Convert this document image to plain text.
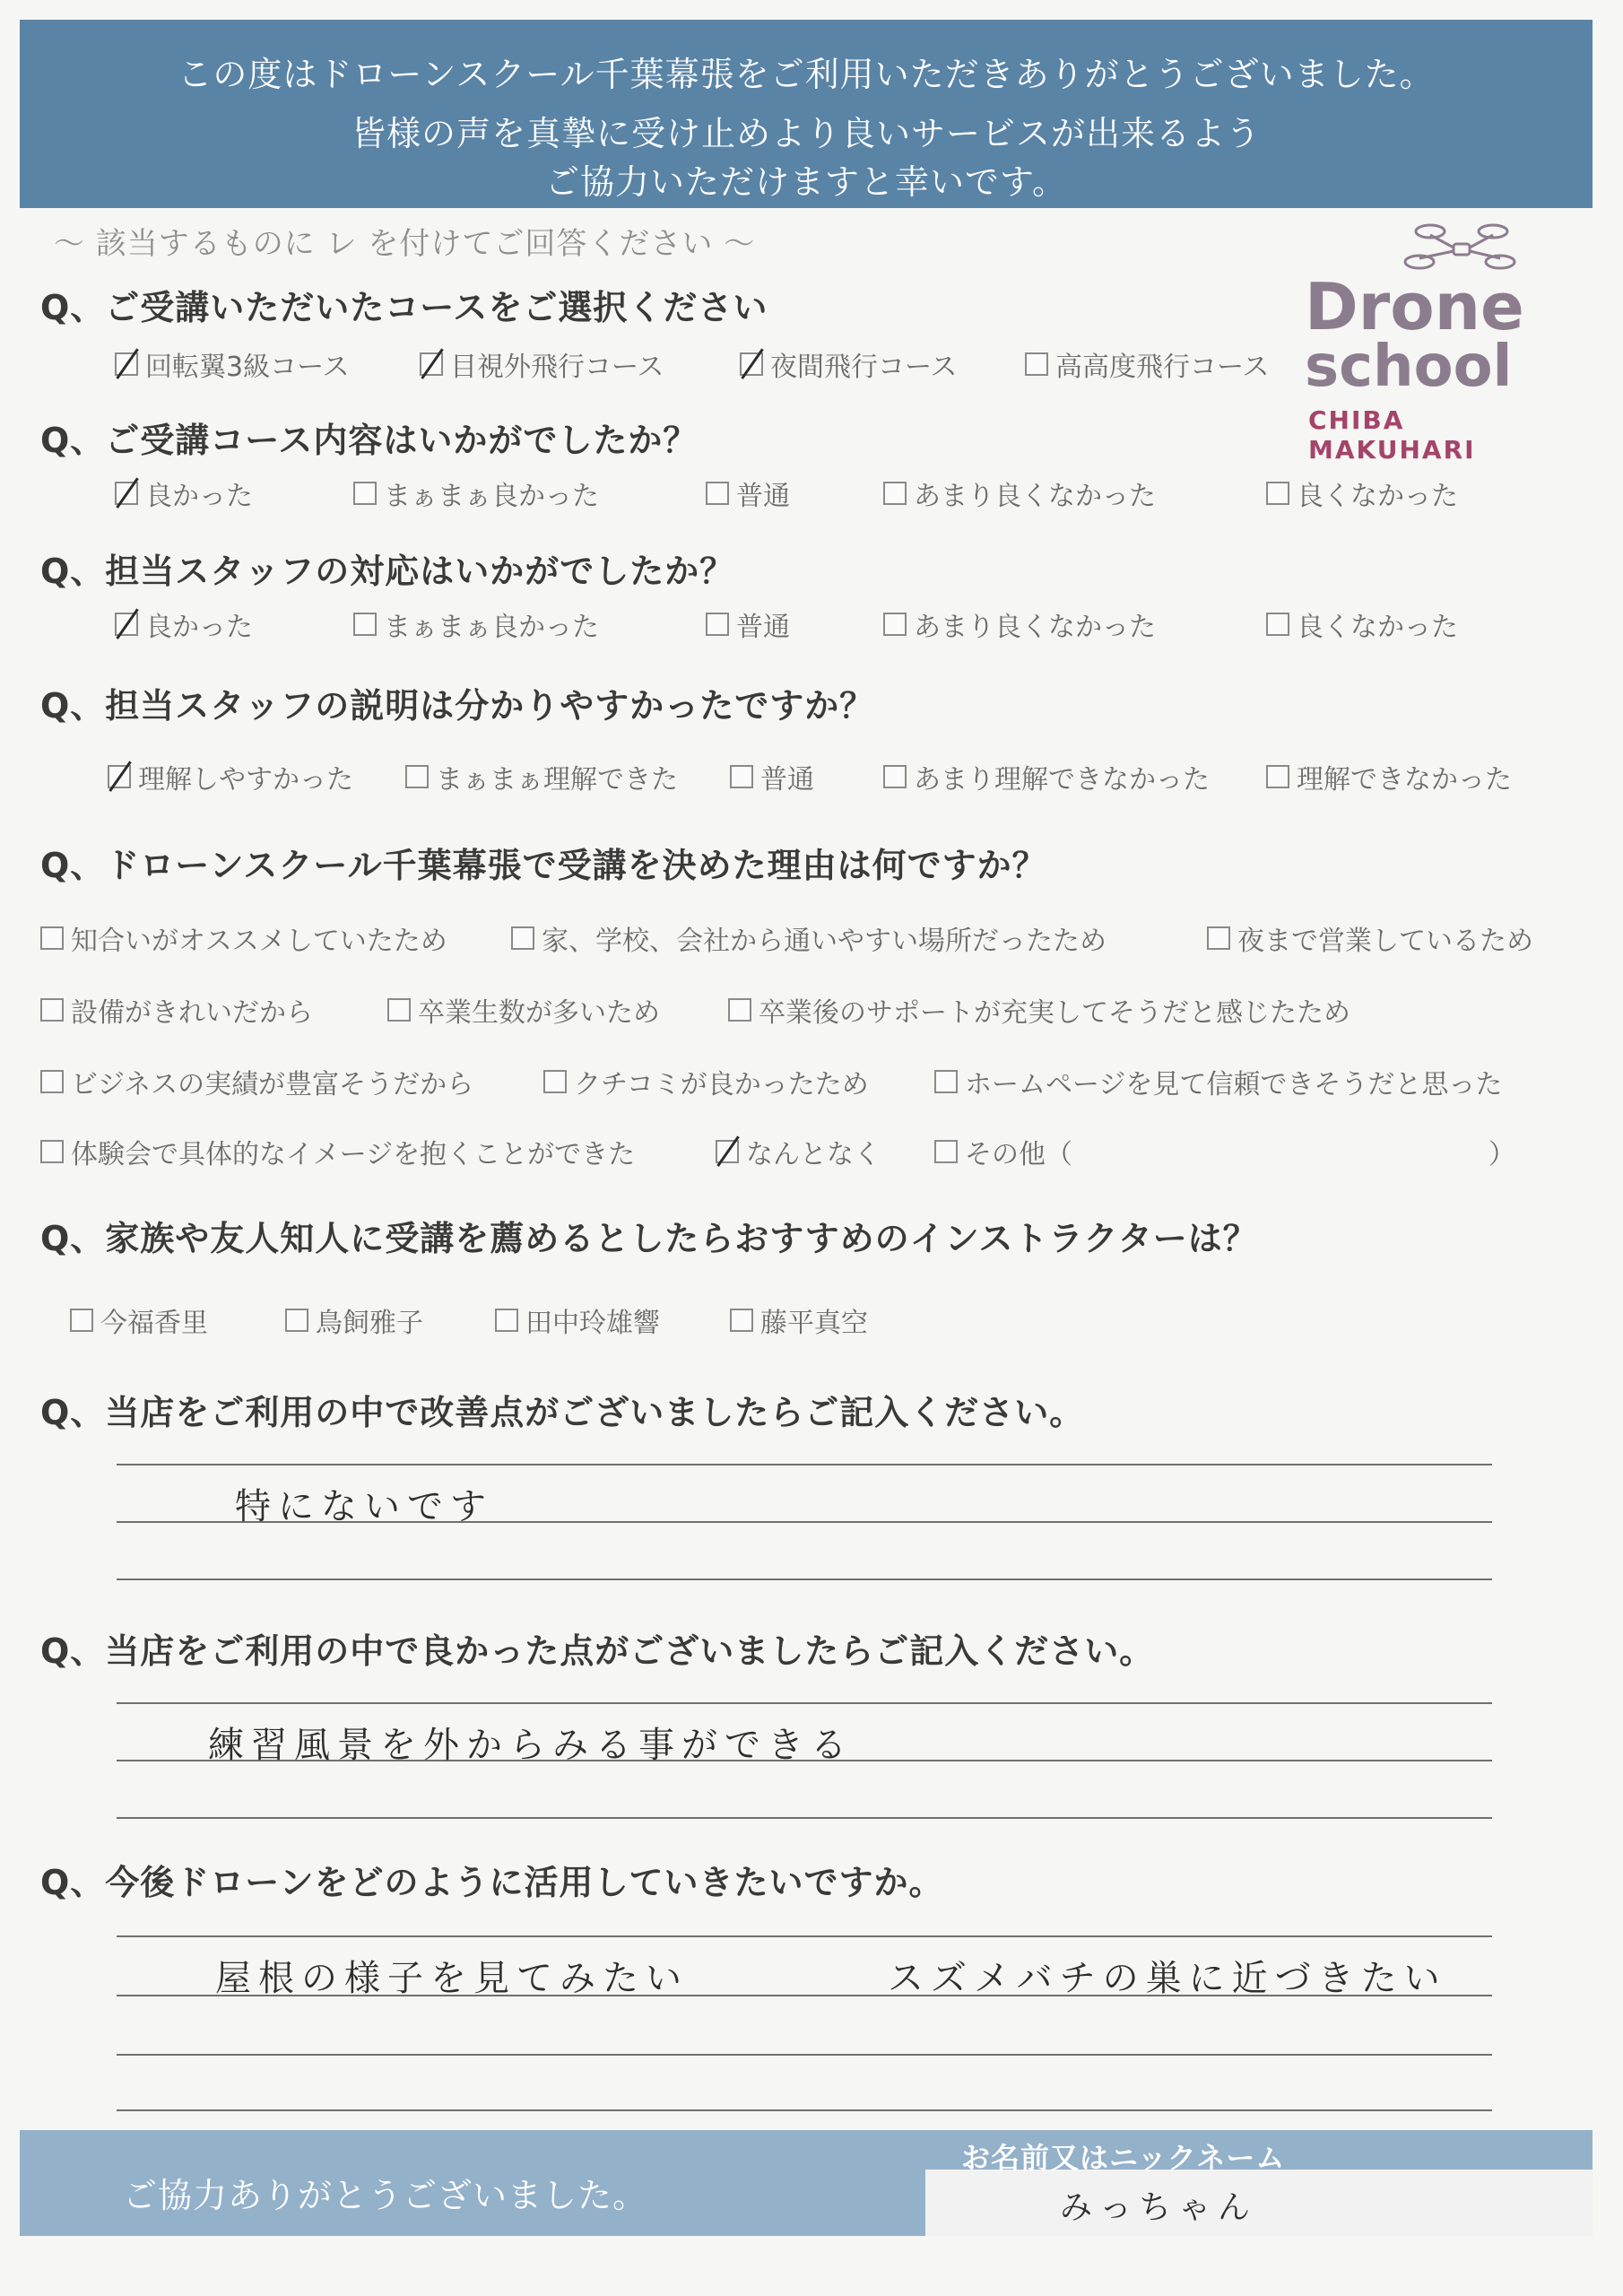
この度はドローンスクール千葉幕張をご利用いただきありがとうございました。
皆様の声を真摯に受け止めより良いサービスが出来るよう
ご協力いただけますと幸いです。
～ 該当するものに レ を付けてご回答ください ～
Drone
school
CHIBA MAKUHARI
Q、ご受講いただいたコースをご選択ください
回転翼3級コース	目視外飛行コース	夜間飛行コース	高高度飛行コース
Q、ご受講コース内容はいかがでしたか？
良かった	まぁまぁ良かった	普通	あまり良くなかった	良くなかった
Q、担当スタッフの対応はいかがでしたか？
良かった	まぁまぁ良かった	普通	あまり良くなかった	良くなかった
Q、担当スタッフの説明は分かりやすかったですか？
理解しやすかった	まぁまぁ理解できた	普通	あまり理解できなかった	理解できなかった
Q、ドローンスクール千葉幕張で受講を決めた理由は何ですか？
知合いがオススメしていたため	家、学校、会社から通いやすい場所だったため	夜まで営業しているため
設備がきれいだから	卒業生数が多いため	卒業後のサポートが充実してそうだと感じたため
ビジネスの実績が豊富そうだから	クチコミが良かったため	ホームページを見て信頼できそうだと思った
体験会で具体的なイメージを抱くことができた	なんとなく	その他（	）
Q、家族や友人知人に受講を薦めるとしたらおすすめのインストラクターは？
今福香里	鳥飼雅子	田中玲雄響	藤平真空
Q、当店をご利用の中で改善点がございましたらご記入ください。
特にないです
Q、当店をご利用の中で良かった点がございましたらご記入ください。
練習風景を外からみる事ができる
Q、今後ドローンをどのように活用していきたいですか。
屋根の様子を見てみたい	スズメバチの巣に近づきたい
ご協力ありがとうございました。
お名前又はニックネーム
みっちゃん
